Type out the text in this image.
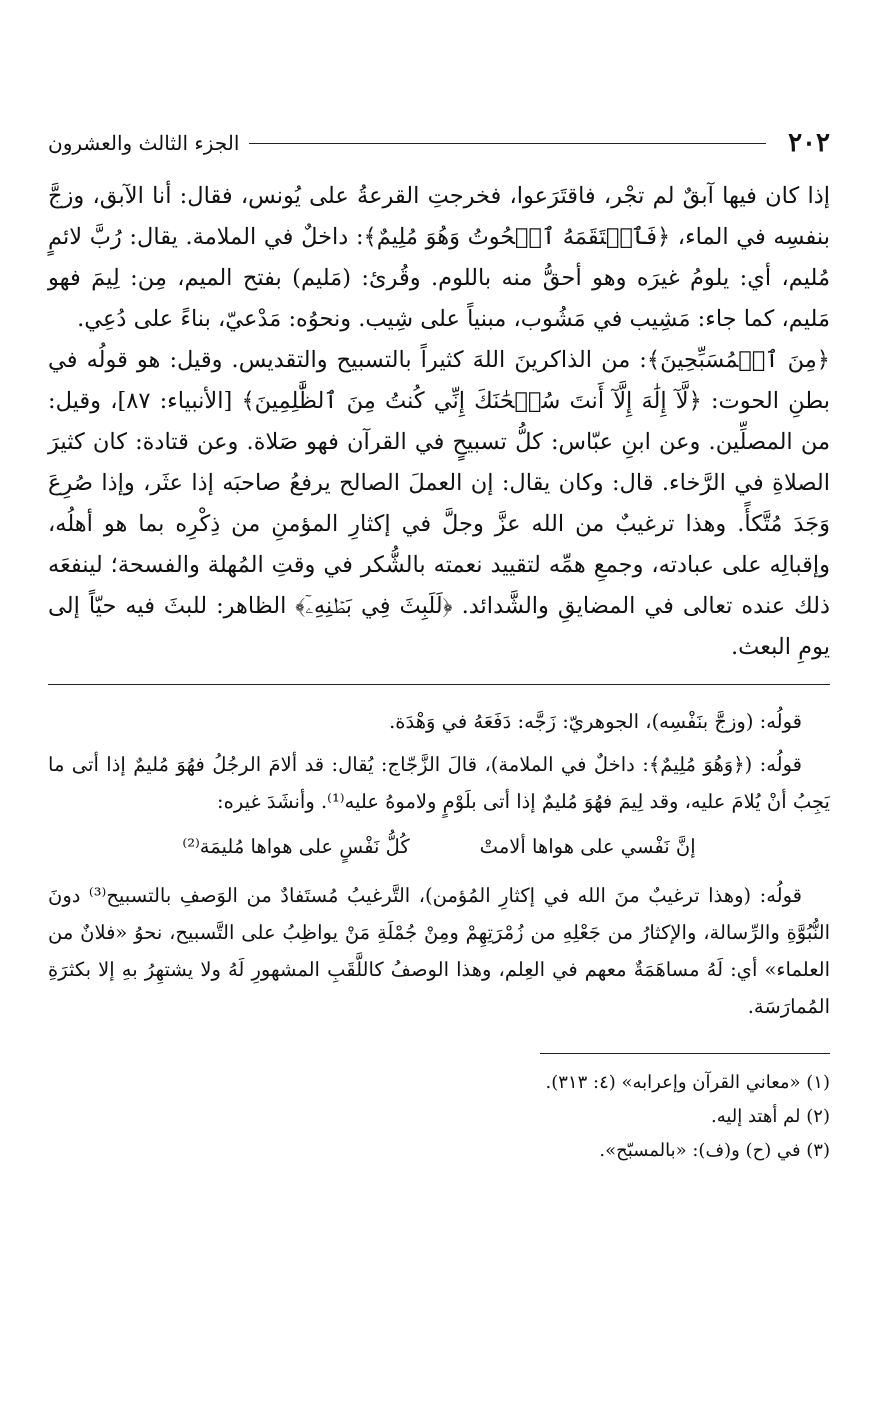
٢٠٢
الجزء الثالث والعشرون

إذا كان فيها آبقٌ لم تجْر، فاقتَرَعوا، فخرجتِ القرعةُ على يُونس، فقال: أنا الآبق، وزجَّ بنفسِه في الماء، ﴿فَٱلۡتَقَمَهُ ٱلۡحُوتُ وَهُوَ مُلِيمٌ﴾: داخلٌ في الملامة. يقال: رُبَّ لائمٍ مُليم، أي: يلومُ غيرَه وهو أحقُّ منه باللوم. وقُرئ: (مَليم) بفتح الميم، مِن: لِيمَ فهو مَليم، كما جاء: مَشِيب في مَشُوب، مبنياً على شِيب. ونحوُه: مَدْعيّ، بناءً على دُعِي.

﴿مِنَ ٱلۡمُسَبِّحِينَ﴾: من الذاكرينَ اللهَ كثيراً بالتسبيح والتقديس. وقيل: هو قولُه في بطنِ الحوت: ﴿لَّآ إِلَٰهَ إِلَّآ أَنتَ سُبۡحَٰنَكَ إِنِّي كُنتُ مِنَ ٱلظَّٰلِمِينَ﴾ [الأنبياء: ٨٧]، وقيل: من المصلِّين. وعن ابنِ عبّاس: كلُّ تسبيحٍ في القرآن فهو صَلاة. وعن قتادة: كان كثيرَ الصلاةِ في الرَّخاء. قال: وكان يقال: إن العملَ الصالح يرفعُ صاحبَه إذا عثَر، وإذا صُرِعَ وَجَدَ مُتَّكأً. وهذا ترغيبٌ من الله عزَّ وجلَّ في إكثارِ المؤمنِ من ذِكْرِه بما هو أهلُه، وإقبالِه على عبادته، وجمعِ همِّه لتقييد نعمته بالشُّكر في وقتِ المُهلة والفسحة؛ لينفعَه ذلك عنده تعالى في المضايقِ والشَّدائد. ﴿لَلَبِثَ فِي بَطۡنِهِۦٓ﴾ الظاهر: للبثَ فيه حيّاً إلى يومِ البعث.

قولُه: (وزجَّ بنَفْسِه)، الجوهريّ: زَجَّه: دَفَعَهُ في وَهْدَة.

قولُه: (﴿وَهُوَ مُلِيمٌ﴾: داخلٌ في الملامة)، قالَ الزَّجّاج: يُقال: قد ألامَ الرجُلُ فهُوَ مُليمٌ إذا أتى ما يَجِبُ أنْ يُلامَ عليه، وقد لِيمَ فهُوَ مُليمٌ إذا أتى بلَوْمٍ ولاموهُ عليه⁽¹⁾. وأنشَدَ غيره:

إنَّ نَفْسي على هواها ألامتْ
كُلُّ نَفْسٍ على هواها مُليمَة⁽²⁾

قولُه: (وهذا ترغيبٌ منَ الله في إكثارِ المُؤمن)، التَّرغيبُ مُستَفادٌ من الوَصفِ بالتسبيح⁽³⁾ دونَ النُّبُوَّةِ والرِّسالة، والإكثارُ من جَعْلِهِ من زُمْرَتِهِمْ ومِنْ جُمْلَةِ مَنْ يواظِبُ على التَّسبيح، نحوُ «فلانٌ من العلماء» أي: لَهُ مساهَمَةٌ معهم في العِلم، وهذا الوصفُ كاللَّقَبِ المشهورِ لَهُ ولا يشتهِرُ بهِ إلا بكثرَةِ المُمارَسَة.

(١) «معاني القرآن وإعرابه» (٤: ٣١٣).

(٢) لم أهتد إليه.

(٣) في (ح) و(ف): «بالمسبّح».
